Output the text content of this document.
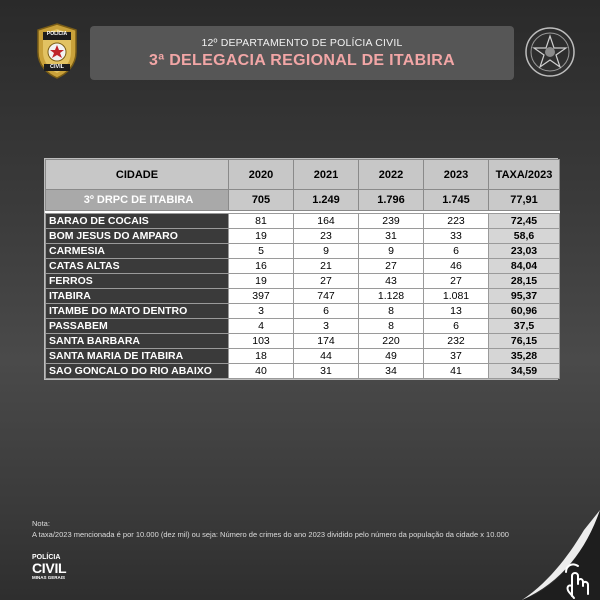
POLÍCIA
CIVIL
12º DEPARTAMENTO DE POLÍCIA CIVIL
3ª DELEGACIA REGIONAL DE ITABIRA
CIDADE	2020	2021	2022	2023	TAXA/2023
3º DRPC DE ITABIRA	705	1.249	1.796	1.745	77,91

BARAO DE COCAIS	81	164	239	223	72,45
BOM JESUS DO AMPARO	19	23	31	33	58,6
CARMESIA	5	9	9	6	23,03
CATAS ALTAS	16	21	27	46	84,04
FERROS	19	27	43	27	28,15
ITABIRA	397	747	1.128	1.081	95,37
ITAMBE DO MATO DENTRO	3	6	8	13	60,96
PASSABEM	4	3	8	6	37,5
SANTA BARBARA	103	174	220	232	76,15
SANTA MARIA DE ITABIRA	18	44	49	37	35,28
SAO GONCALO DO RIO ABAIXO	40	31	34	41	34,59
Nota:
A taxa/2023 mencionada é por 10.000 (dez mil) ou seja: Número de crimes do ano 2023 dividido pelo número da população da cidade x 10.000
POLÍCIA
CIVIL
MINAS GERAIS
